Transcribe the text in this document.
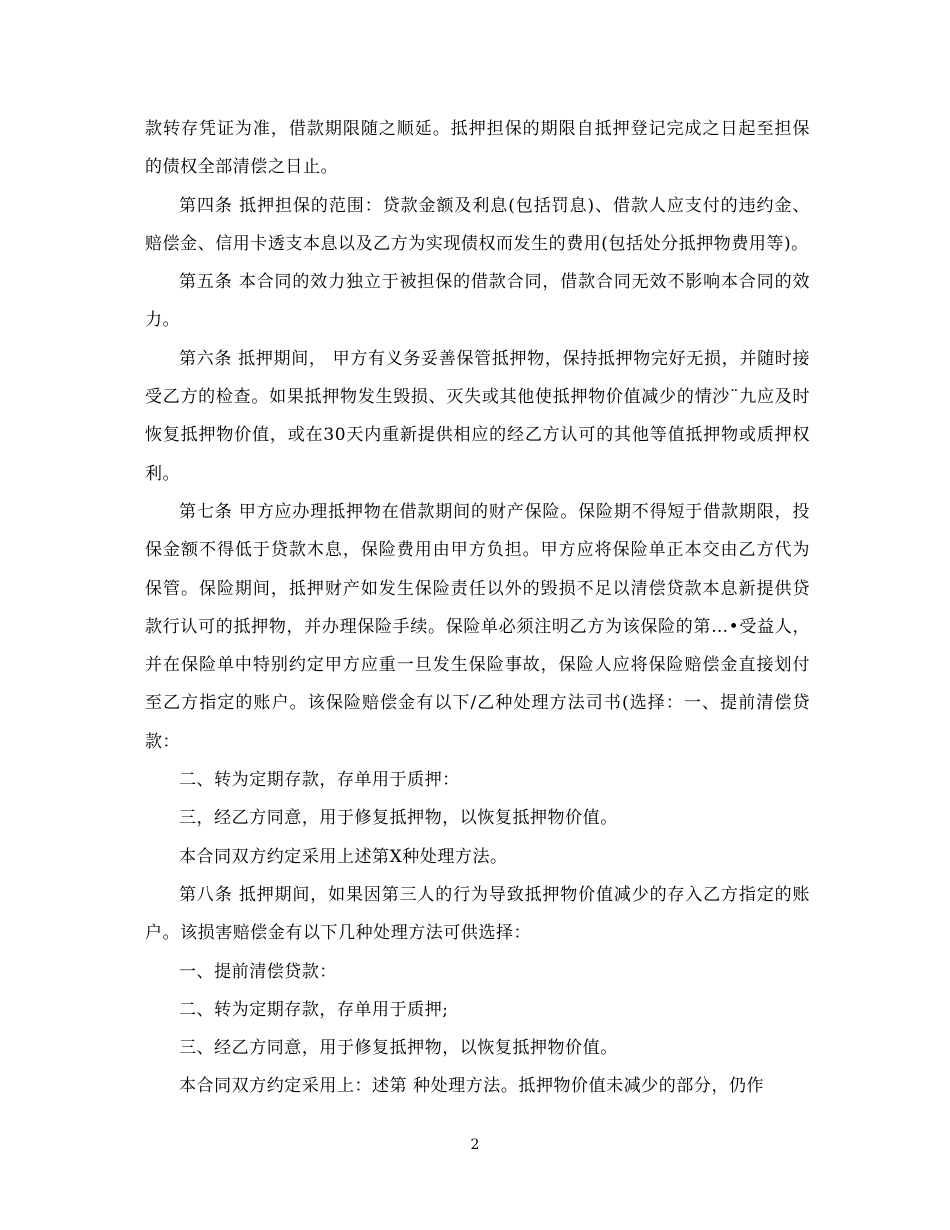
款转存凭证为准，借款期限随之顺延。抵押担保的期限自抵押登记完成之日起至担保的债权全部清偿之日止。

第四条 抵押担保的范围：贷款金额及利息(包括罚息)、借款人应支付的违约金、赔偿金、信用卡透支本息以及乙方为实现债权而发生的费用(包括处分抵押物费用等)。

第五条 本合同的效力独立于被担保的借款合同，借款合同无效不影响本合同的效力。

第六条 抵押期间， 甲方有义务妥善保管抵押物，保持抵押物完好无损，并随时接受乙方的检查。如果抵押物发生毁损、灭失或其他使抵押物价值减少的情沙¨九应及时恢复抵押物价值，或在30天内重新提供相应的经乙方认可的其他等值抵押物或质押权利。

第七条 甲方应办理抵押物在借款期间的财产保险。保险期不得短于借款期限，投保金额不得低于贷款木息，保险费用由甲方负担。甲方应将保险单正本交由乙方代为保管。保险期间，抵押财产如发生保险责任以外的毁损不足以清偿贷款本息新提供贷款行认可的抵押物，并办理保险手续。保险单必须注明乙方为该保险的第…•受益人，并在保险单中特别约定甲方应重一旦发生保险事故，保险人应将保险赔偿金直接划付至乙方指定的账户。该保险赔偿金有以下/乙种处理方法司书(选择：一、提前清偿贷款：

二、转为定期存款，存单用于质押：

三，经乙方同意，用于修复抵押物，以恢复抵押物价值。

本合同双方约定采用上述第X种处理方法。

第八条 抵押期间，如果因第三人的行为导致抵押物价值减少的存入乙方指定的账户。该损害赔偿金有以下几种处理方法可供选择：

一、提前清偿贷款：

二、转为定期存款，存单用于质押;

三、经乙方同意，用于修复抵押物，以恢复抵押物价值。

本合同双方约定采用上：述第 种处理方法。抵押物价值未减少的部分，仍作

2
